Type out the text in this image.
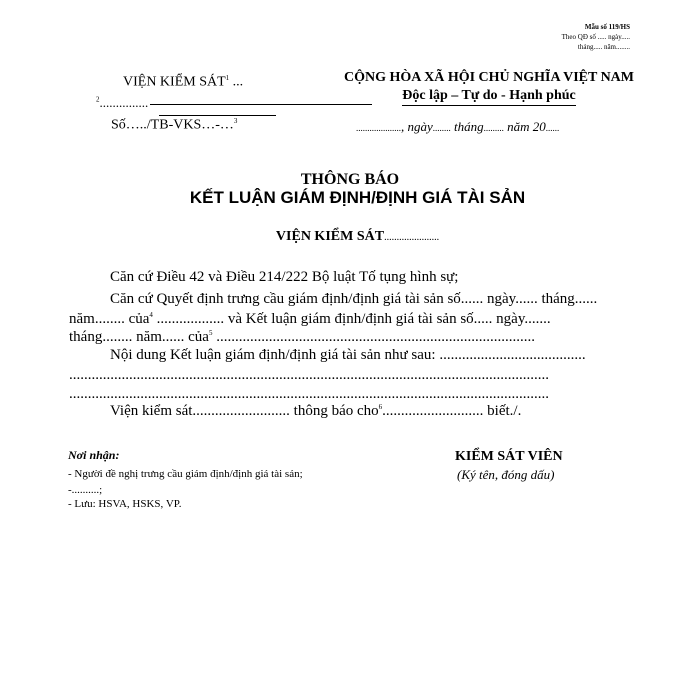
Mẫu số 119/HS
Theo QĐ số ..... ngày.....
tháng..... năm........
VIỆN KIỂM SÁT$^1$ ...
$^2$...............
Số…../TB-VKS…-…$^3$
CỘNG HÒA XÃ HỘI CHỦ NGHĨA VIỆT NAM
Độc lập – Tự do - Hạnh phúc
...................., ngày........ tháng......... năm 20......
THÔNG BÁO
KẾT LUẬN GIÁM ĐỊNH/ĐỊNH GIÁ TÀI SẢN
VIỆN KIỂM SÁT......................
Căn cứ Điều 42 và Điều 214/222 Bộ luật Tố tụng hình sự;
Căn cứ Quyết định trưng cầu giám định/định giá tài sản số...... ngày...... tháng......
năm........ của$^4$ .................. và Kết luận giám định/định giá tài sản số..... ngày.......
tháng........ năm...... của$^5$ .....................................................................................
Nội dung Kết luận giám định/định giá tài sản như sau: .......................................
................................................................................................................................
................................................................................................................................
Viện kiểm sát.......................... thông báo cho$^6$........................... biết./.
Nơi nhận:
- Người đề nghị trưng cầu giám định/định giá tài sản;
-..........;
- Lưu: HSVA, HSKS, VP.
KIỂM SÁT VIÊN
(Ký tên, đóng dấu)
